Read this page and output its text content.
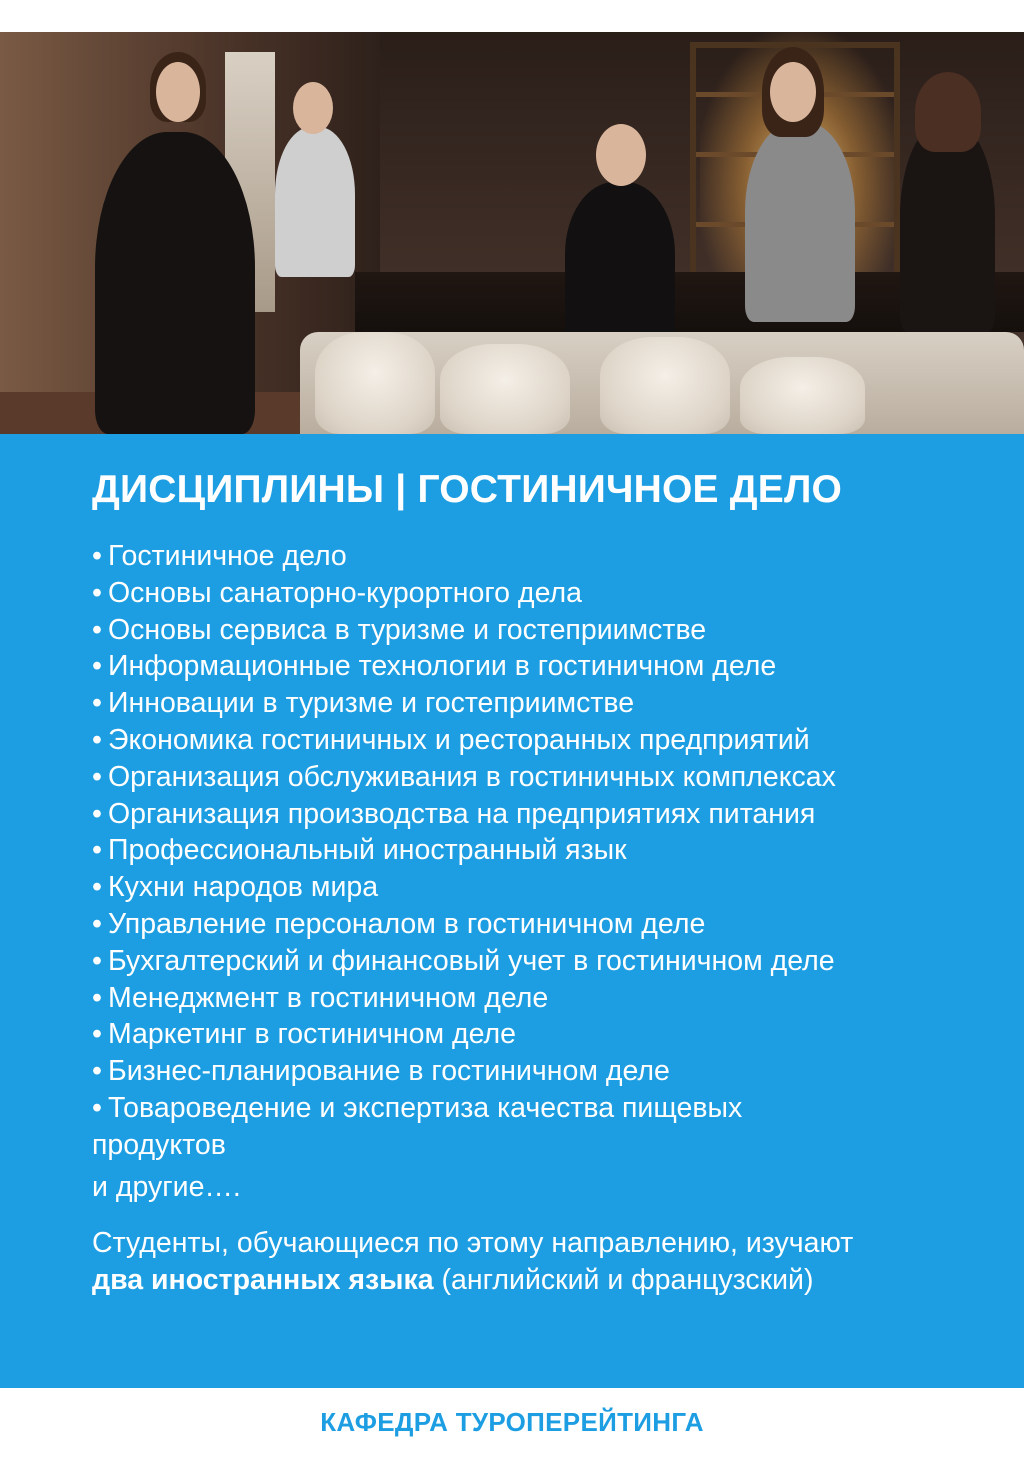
ДИСЦИПЛИНЫ | ГОСТИНИЧНОЕ ДЕЛО
• Гостиничное дело
• Основы санаторно-курортного дела
• Основы сервиса в туризме и гостеприимстве
• Информационные технологии в гостиничном деле
• Инновации в туризме и гостеприимстве
• Экономика гостиничных и ресторанных предприятий
• Организация обслуживания в гостиничных комплексах
• Организация производства на предприятиях питания
• Профессиональный иностранный язык
• Кухни народов мира
• Управление персоналом в гостиничном деле
• Бухгалтерский и финансовый учет в гостиничном деле
• Менеджмент в гостиничном деле
• Маркетинг в гостиничном деле
• Бизнес-планирование в гостиничном деле
• Товароведение и экспертиза качества пищевых продуктов
и другие….
Студенты, обучающиеся по этому направлению, изучают два иностранных языка (английский и французский)
КАФЕДРА ТУРОПЕРЕЙТИНГА
